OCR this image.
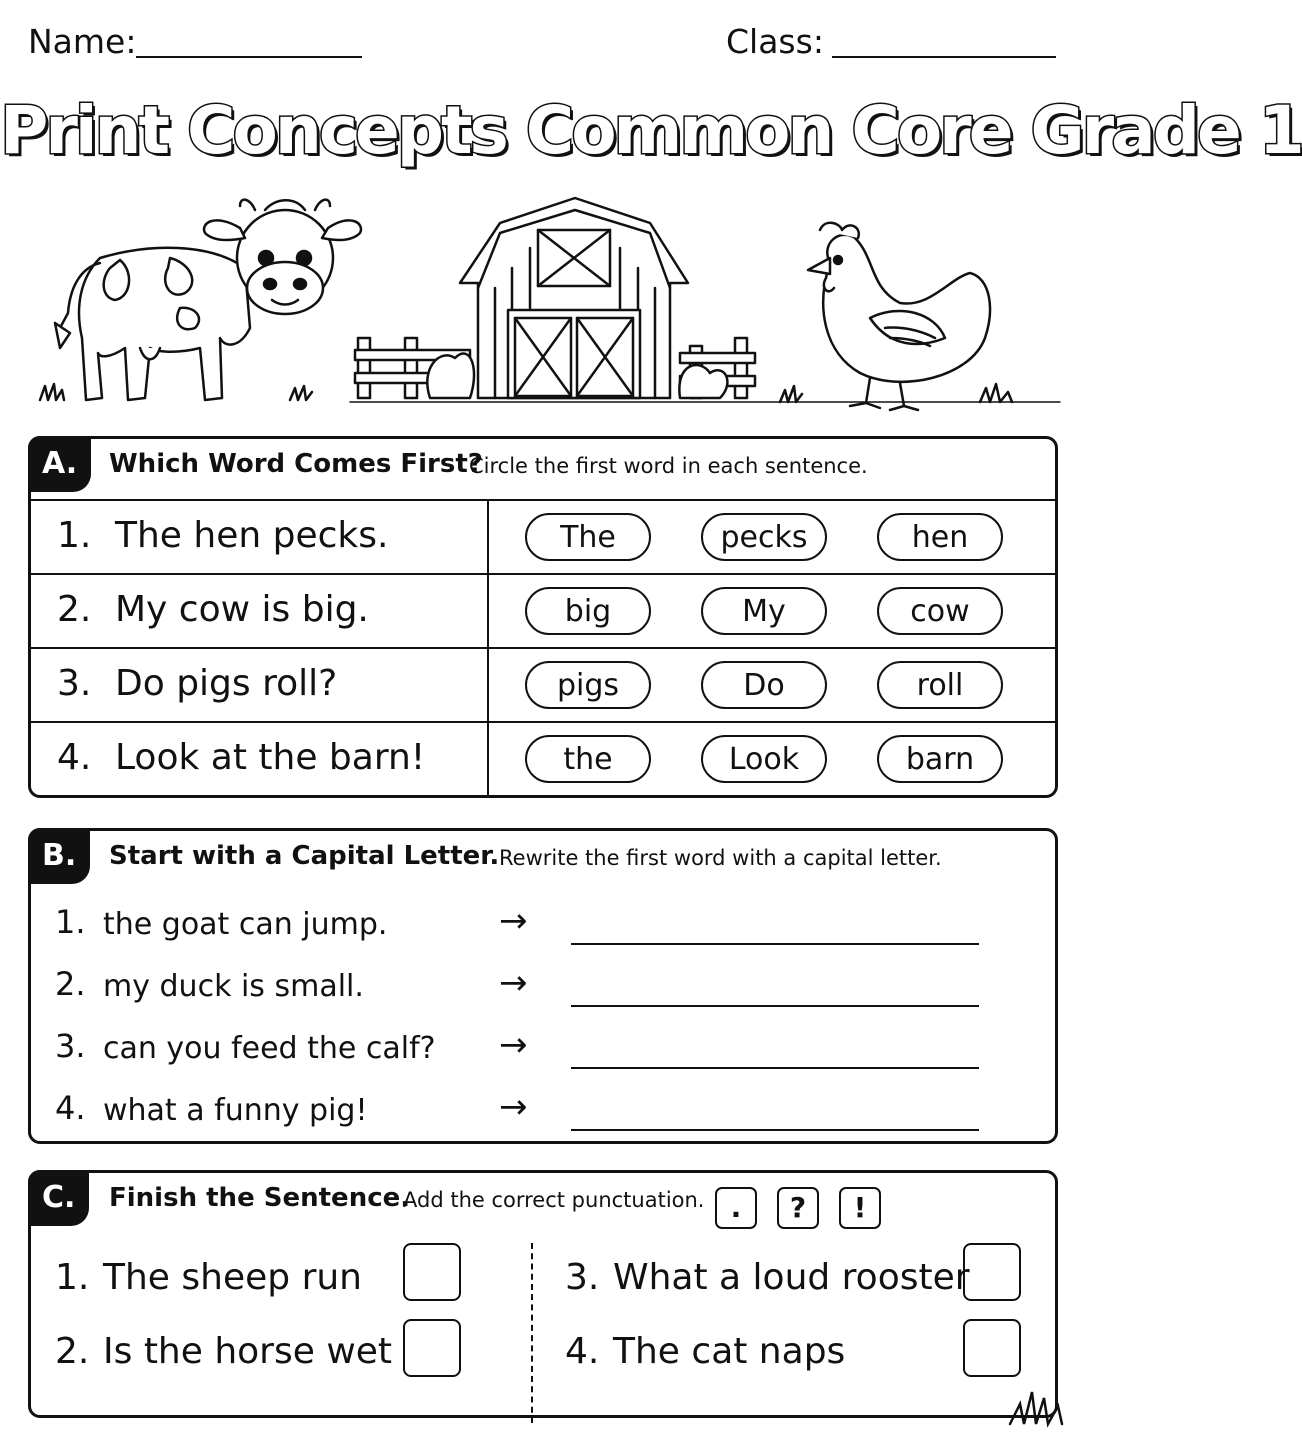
Name:	Class:
Print Concepts Common Core Grade 1
A.	Which Word Comes First?
Circle the first word in each sentence.
1. The hen pecks.	The	pecks	hen
2. My cow is big.	big	My	cow
3. Do pigs roll?	pigs	Do	roll
4. Look at the barn!	the	Look	barn
B.	Start with a Capital Letter. Rewrite the first word with a capital letter.
1. the goat can jump.	→
2. my duck is small.	→
3. can you feed the calf? →
4. what a funny pig!	→
C.	Finish the Sentence.
Add the correct punctuation. .	?	!
1. The sheep run
2. Is the horse wet
3. What a loud rooster
4. The cat naps
